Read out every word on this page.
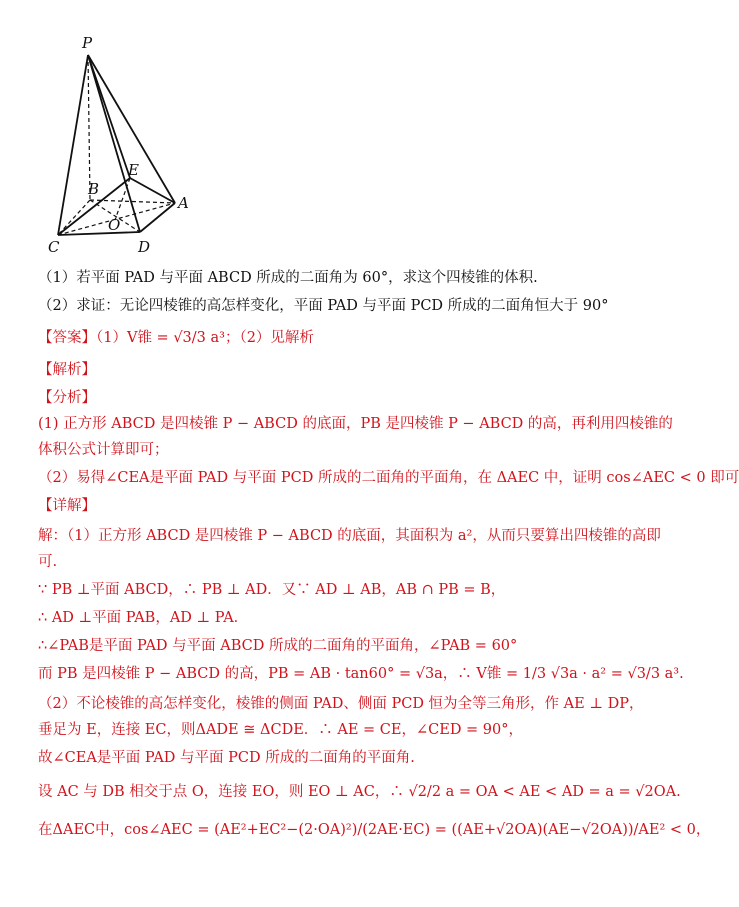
P
E
B
A
C
O
D
（1）若平面 PAD 与平面 ABCD 所成的二面角为 60°，求这个四棱锥的体积.
（2）求证：无论四棱锥的高怎样变化，平面 PAD 与平面 PCD 所成的二面角恒大于 90°
【答案】（1）V锥 = √3/3 a³；（2）见解析
【解析】
【分析】
(1) 正方形 ABCD 是四棱锥 P − ABCD 的底面，PB 是四棱锥 P − ABCD 的高，再利用四棱锥的
体积公式计算即可；
（2）易得∠CEA是平面 PAD 与平面 PCD 所成的二面角的平面角，在 ΔAEC 中，证明 cos∠AEC < 0 即可
【详解】
解：（1）正方形 ABCD 是四棱锥 P − ABCD 的底面，其面积为 a²，从而只要算出四棱锥的高即
可.
∵ PB ⊥平面 ABCD，∴ PB ⊥ AD．又∵ AD ⊥ AB，AB ∩ PB = B，
∴ AD ⊥平面 PAB，AD ⊥ PA．
∴∠PAB是平面 PAD 与平面 ABCD 所成的二面角的平面角，∠PAB = 60°
而 PB 是四棱锥 P − ABCD 的高，PB = AB · tan60° = √3a，∴ V锥 = 1/3 √3a · a² = √3/3 a³.
（2）不论棱锥的高怎样变化，棱锥的侧面 PAD、侧面 PCD 恒为全等三角形，作 AE ⊥ DP，
垂足为 E，连接 EC，则ΔADE ≅ ΔCDE．∴ AE = CE，∠CED = 90°，
故∠CEA是平面 PAD 与平面 PCD 所成的二面角的平面角.
设 AC 与 DB 相交于点 O，连接 EO，则 EO ⊥ AC，∴ √2/2 a = OA < AE < AD = a = √2OA.
在ΔAEC中，cos∠AEC = (AE²+EC²−(2·OA)²)/(2AE·EC) = ((AE+√2OA)(AE−√2OA))/AE² < 0，
